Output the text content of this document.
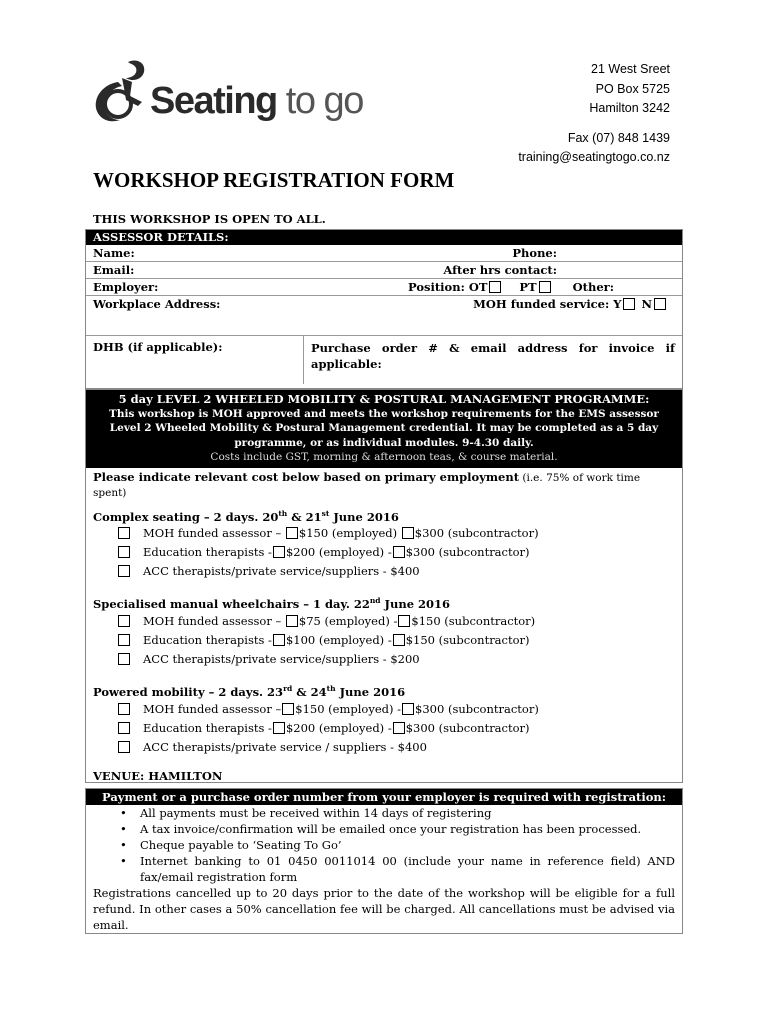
Seating to go
21 West Sreet
PO Box 5725
Hamilton 3242
Fax (07) 848 1439
training@seatingtogo.co.nz
WORKSHOP REGISTRATION FORM
THIS WORKSHOP IS OPEN TO ALL.
ASSESSOR DETAILS:
Name:	Phone:
Email:	After hrs contact:
Employer:	Position: OT	PT	Other:
Workplace Address:	MOH funded service: Y N
DHB (if applicable):	Purchase order # & email address for invoice if applicable:
5 day LEVEL 2 WHEELED MOBILITY & POSTURAL MANAGEMENT PROGRAMME:
This workshop is MOH approved and meets the workshop requirements for the EMS assessor
Level 2 Wheeled Mobility & Postural Management credential. It may be completed as a 5 day
programme, or as individual modules. 9-4.30 daily.
Costs include GST, morning & afternoon teas, & course material.
Please indicate relevant cost below based on primary employment (i.e. 75% of work time spent)
Complex seating – 2 days. 20th & 21st June 2016
MOH funded assessor – $150 (employed) $300 (subcontractor)
Education therapists - $200 (employed) - $300 (subcontractor)
ACC therapists/private service/suppliers - $400
Specialised manual wheelchairs – 1 day. 22nd June 2016
MOH funded assessor – $75 (employed) - $150 (subcontractor)
Education therapists - $100 (employed) - $150 (subcontractor)
ACC therapists/private service/suppliers - $200
Powered mobility – 2 days. 23rd & 24th June 2016
MOH funded assessor – $150 (employed) - $300 (subcontractor)
Education therapists - $200 (employed) - $300 (subcontractor)
ACC therapists/private service / suppliers - $400
VENUE: HAMILTON
Payment or a purchase order number from your employer is required with registration:
• All payments must be received within 14 days of registering
• A tax invoice/confirmation will be emailed once your registration has been processed.
• Cheque payable to ‘Seating To Go’
• Internet banking to 01 0450 0011014 00 (include your name in reference field) AND fax/email registration form
Registrations cancelled up to 20 days prior to the date of the workshop will be eligible for a full refund. In other cases a 50% cancellation fee will be charged. All cancellations must be advised via email.
